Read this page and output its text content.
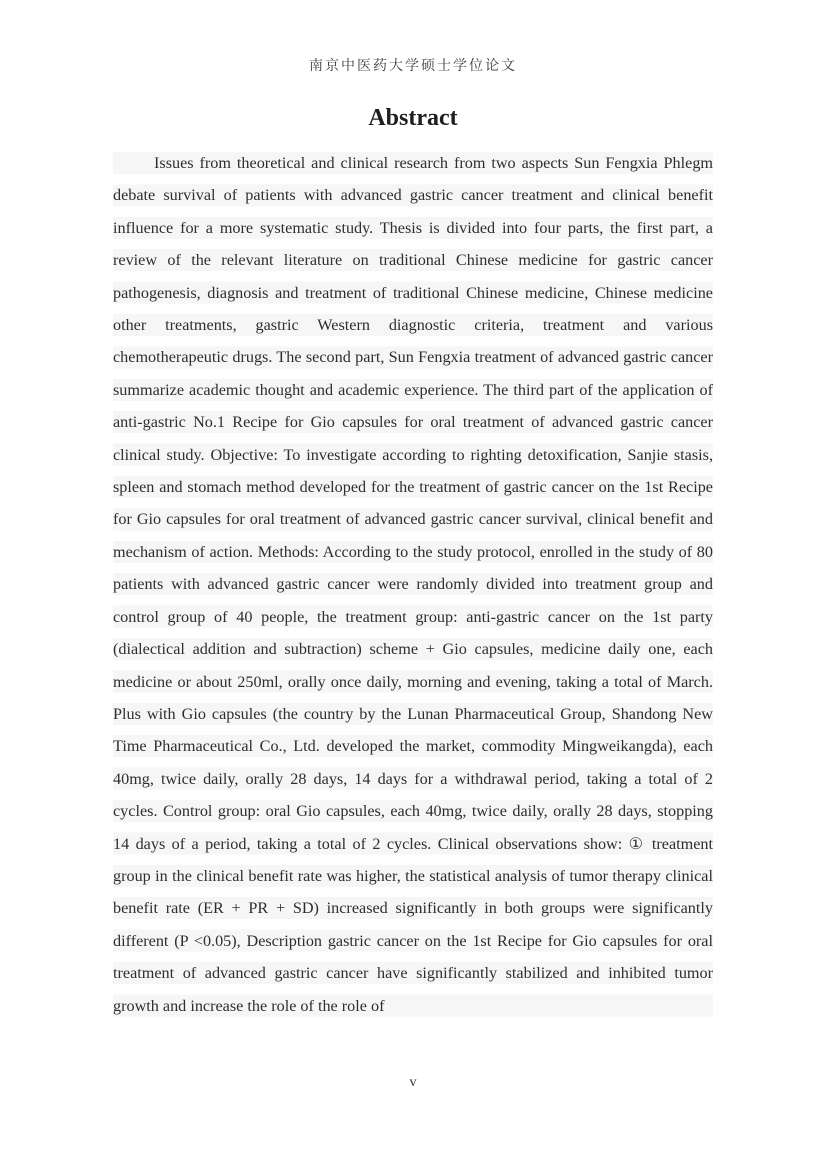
南京中医药大学硕士学位论文
Abstract

Issues from theoretical and clinical research from two aspects Sun Fengxia Phlegm debate survival of patients with advanced gastric cancer treatment and clinical benefit influence for a more systematic study. Thesis is divided into four parts, the first part, a review of the relevant literature on traditional Chinese medicine for gastric cancer pathogenesis, diagnosis and treatment of traditional Chinese medicine, Chinese medicine other treatments, gastric Western diagnostic criteria, treatment and various chemotherapeutic drugs. The second part, Sun Fengxia treatment of advanced gastric cancer summarize academic thought and academic experience. The third part of the application of anti-gastric No.1 Recipe for Gio capsules for oral treatment of advanced gastric cancer clinical study. Objective: To investigate according to righting detoxification, Sanjie stasis, spleen and stomach method developed for the treatment of gastric cancer on the 1st Recipe for Gio capsules for oral treatment of advanced gastric cancer survival, clinical benefit and mechanism of action. Methods: According to the study protocol, enrolled in the study of 80 patients with advanced gastric cancer were randomly divided into treatment group and control group of 40 people, the treatment group: anti-gastric cancer on the 1st party (dialectical addition and subtraction) scheme + Gio capsules, medicine daily one, each medicine or about 250ml, orally once daily, morning and evening, taking a total of March. Plus with Gio capsules (the country by the Lunan Pharmaceutical Group, Shandong New Time Pharmaceutical Co., Ltd. developed the market, commodity Mingweikangda), each 40mg, twice daily, orally 28 days, 14 days for a withdrawal period, taking a total of 2 cycles. Control group: oral Gio capsules, each 40mg, twice daily, orally 28 days, stopping 14 days of a period, taking a total of 2 cycles. Clinical observations show: ① treatment group in the clinical benefit rate was higher, the statistical analysis of tumor therapy clinical benefit rate (ER + PR + SD) increased significantly in both groups were significantly different (P <0.05), Description gastric cancer on the 1st Recipe for Gio capsules for oral treatment of advanced gastric cancer have significantly stabilized and inhibited tumor growth and increase the role of the role of

v
